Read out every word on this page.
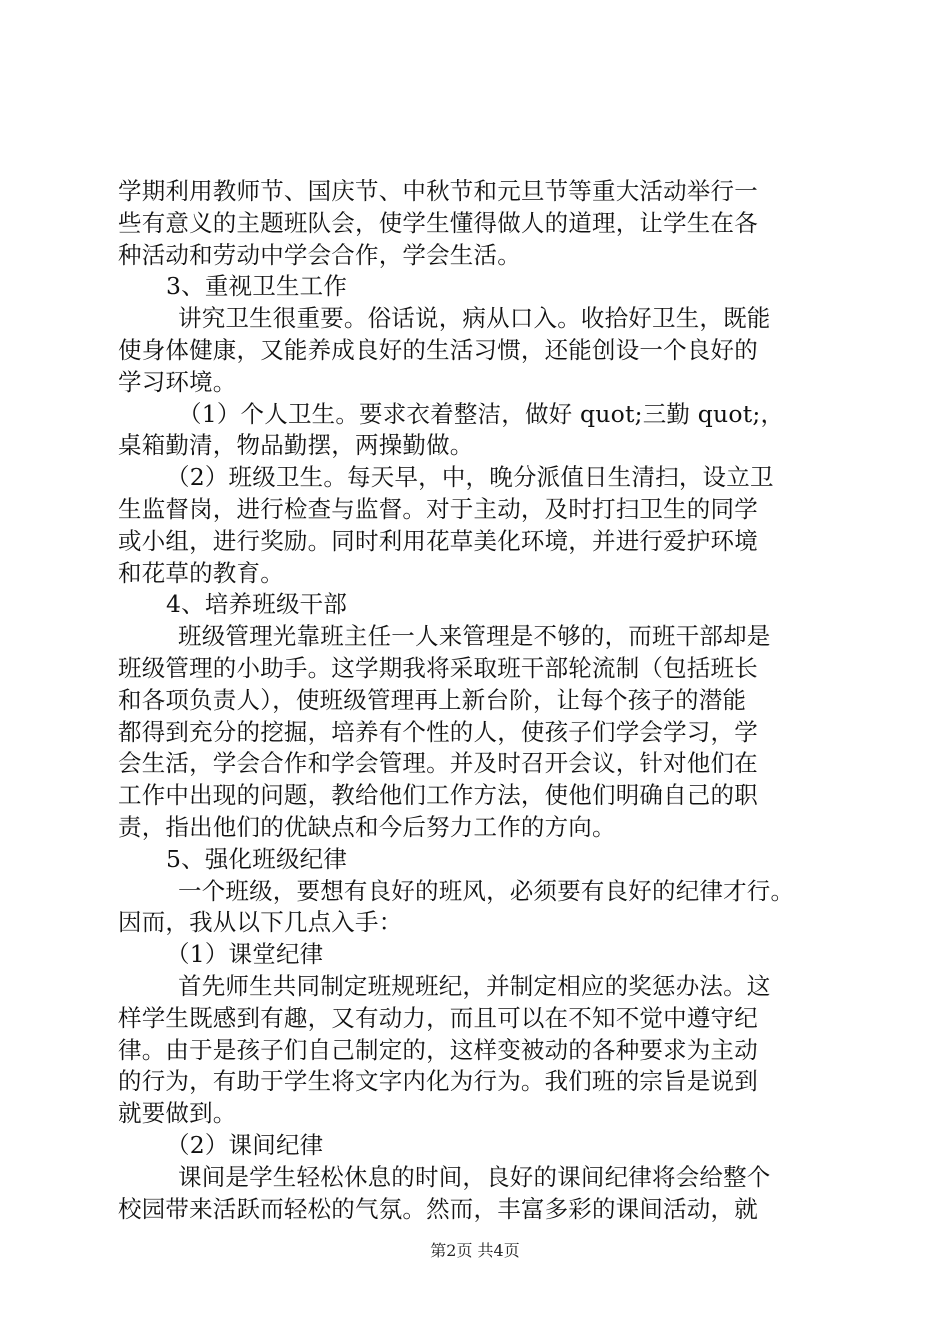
学期利用教师节、国庆节、中秋节和元旦节等重大活动举行一
些有意义的主题班队会，使学生懂得做人的道理，让学生在各
种活动和劳动中学会合作，学会生活。
3、重视卫生工作
讲究卫生很重要。俗话说，病从口入。收拾好卫生，既能
使身体健康，又能养成良好的生活习惯，还能创设一个良好的
学习环境。
（1）个人卫生。要求衣着整洁，做好 quot;三勤 quot;，
桌箱勤清，物品勤摆，两操勤做。
（2）班级卫生。每天早，中，晚分派值日生清扫，设立卫
生监督岗，进行检查与监督。对于主动，及时打扫卫生的同学
或小组，进行奖励。同时利用花草美化环境，并进行爱护环境
和花草的教育。
4、培养班级干部
班级管理光靠班主任一人来管理是不够的，而班干部却是
班级管理的小助手。这学期我将采取班干部轮流制（包括班长
和各项负责人），使班级管理再上新台阶，让每个孩子的潜能
都得到充分的挖掘，培养有个性的人，使孩子们学会学习，学
会生活，学会合作和学会管理。并及时召开会议，针对他们在
工作中出现的问题，教给他们工作方法，使他们明确自己的职
责，指出他们的优缺点和今后努力工作的方向。
5、强化班级纪律
一个班级，要想有良好的班风，必须要有良好的纪律才行。
因而，我从以下几点入手：
（1）课堂纪律
首先师生共同制定班规班纪，并制定相应的奖惩办法。这
样学生既感到有趣，又有动力，而且可以在不知不觉中遵守纪
律。由于是孩子们自己制定的，这样变被动的各种要求为主动
的行为，有助于学生将文字内化为行为。我们班的宗旨是说到
就要做到。
（2）课间纪律
课间是学生轻松休息的时间，良好的课间纪律将会给整个
校园带来活跃而轻松的气氛。然而，丰富多彩的课间活动，就
第2页 共4页
